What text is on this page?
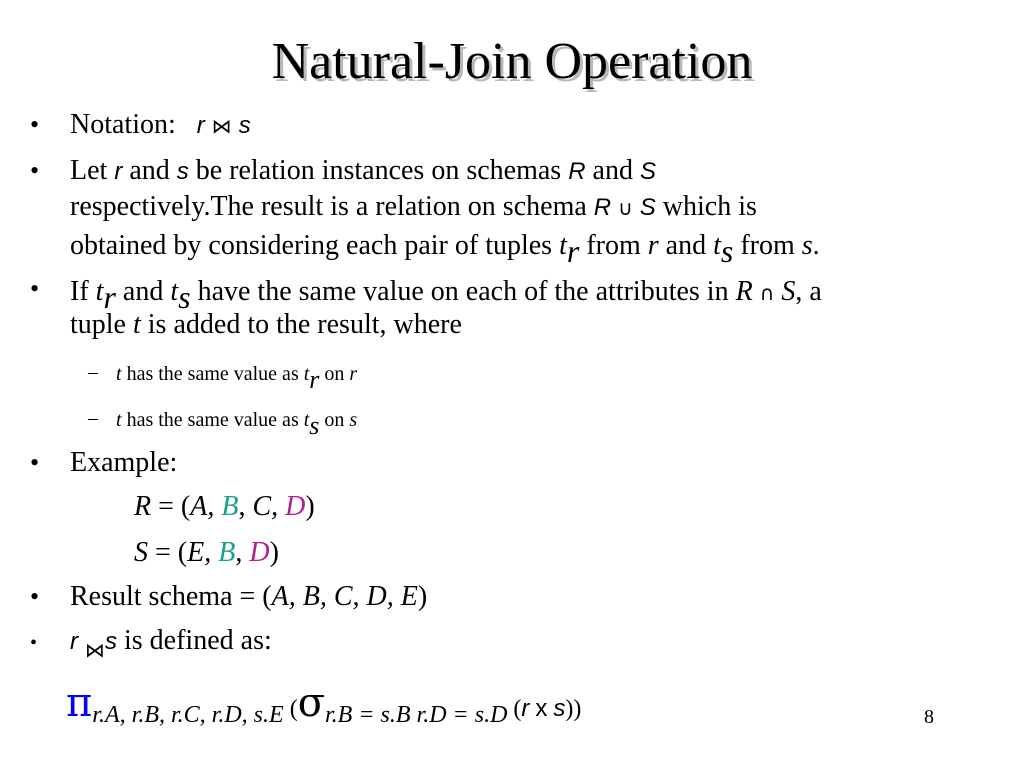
Natural-Join Operation
• Notation: r ⋈ s
• Let r and s be relation instances on schemas R and S
respectively.The result is a relation on schema R ∪ S which is
obtained by considering each pair of tuples tr from r and ts from s.
• If tr and ts have the same value on each of the attributes in R ∩ S, a
tuple t is added to the result, where
– t has the same value as tr on r
– t has the same value as ts on s
• Example:
R = (A, B, C, D)
S = (E, B, D)
• Result schema = (A, B, C, D, E)
• r $_⋈$s is defined as:
πr.A, r.B, r.C, r.D, s.E (σr.B = s.B r.D = s.D (r x s))	8
